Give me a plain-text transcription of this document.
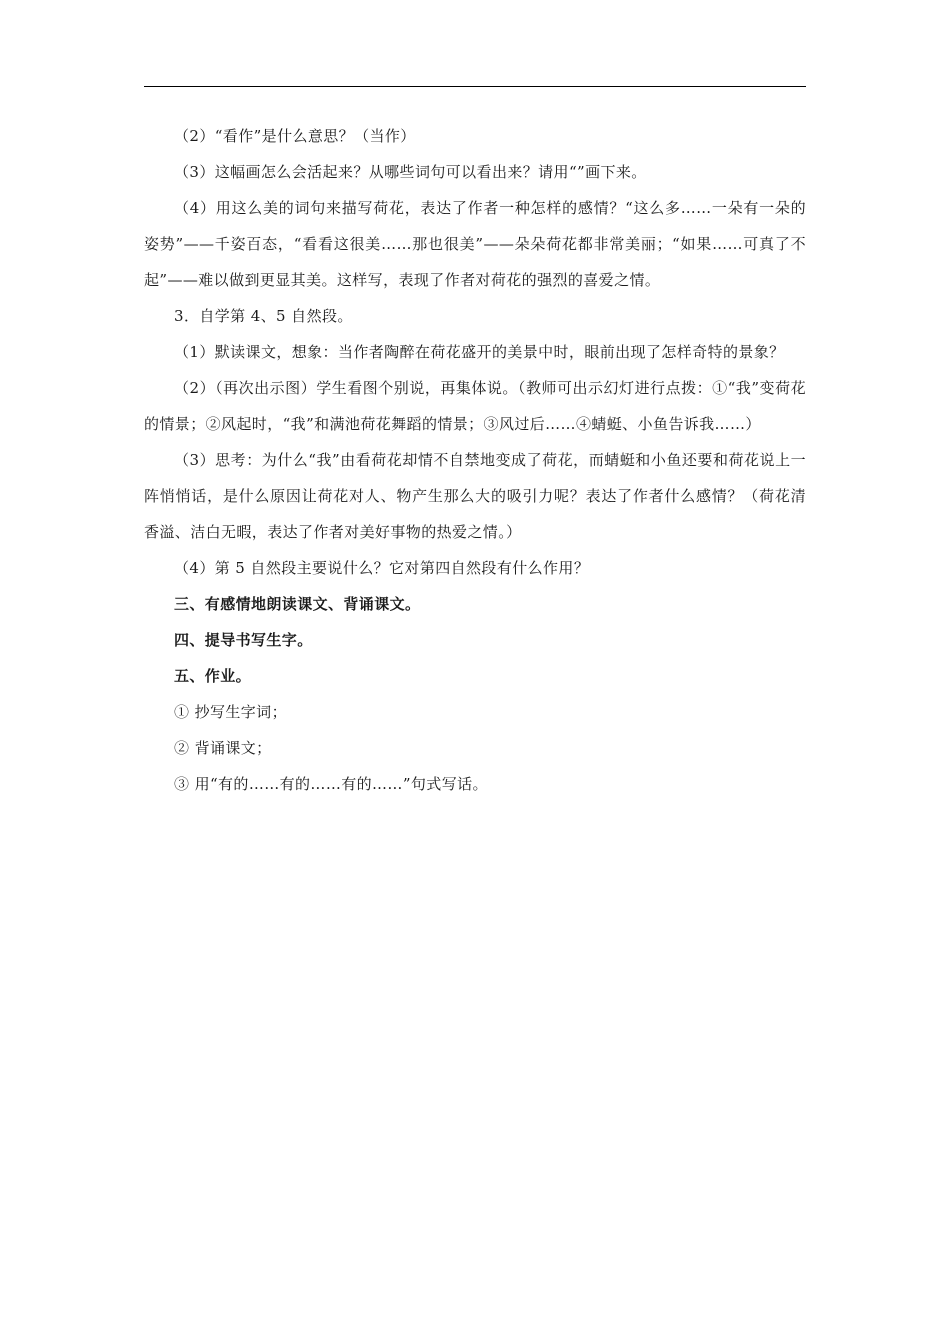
（2）“看作”是什么意思？（当作）

（3）这幅画怎么会活起来？从哪些词句可以看出来？请用“”画下来。

（4）用这么美的词句来描写荷花，表达了作者一种怎样的感情？“这么多……一朵有一朵的姿势”——千姿百态，“看看这很美……那也很美”——朵朵荷花都非常美丽；“如果……可真了不起”——难以做到更显其美。这样写，表现了作者对荷花的强烈的喜爱之情。

3．自学第 4、5 自然段。

（1）默读课文，想象：当作者陶醉在荷花盛开的美景中时，眼前出现了怎样奇特的景象？

（2）（再次出示图）学生看图个别说，再集体说。（教师可出示幻灯进行点拨：①“我”变荷花的情景；②风起时，“我”和满池荷花舞蹈的情景；③风过后……④蜻蜓、小鱼告诉我……）

（3）思考：为什么“我”由看荷花却情不自禁地变成了荷花，而蜻蜓和小鱼还要和荷花说上一阵悄悄话，是什么原因让荷花对人、物产生那么大的吸引力呢？表达了作者什么感情？（荷花清香溢、洁白无暇，表达了作者对美好事物的热爱之情。）

（4）第 5 自然段主要说什么？它对第四自然段有什么作用？

三、有感情地朗读课文、背诵课文。

四、提导书写生字。

五、作业。

① 抄写生字词；

② 背诵课文；

③ 用“有的……有的……有的……”句式写话。
